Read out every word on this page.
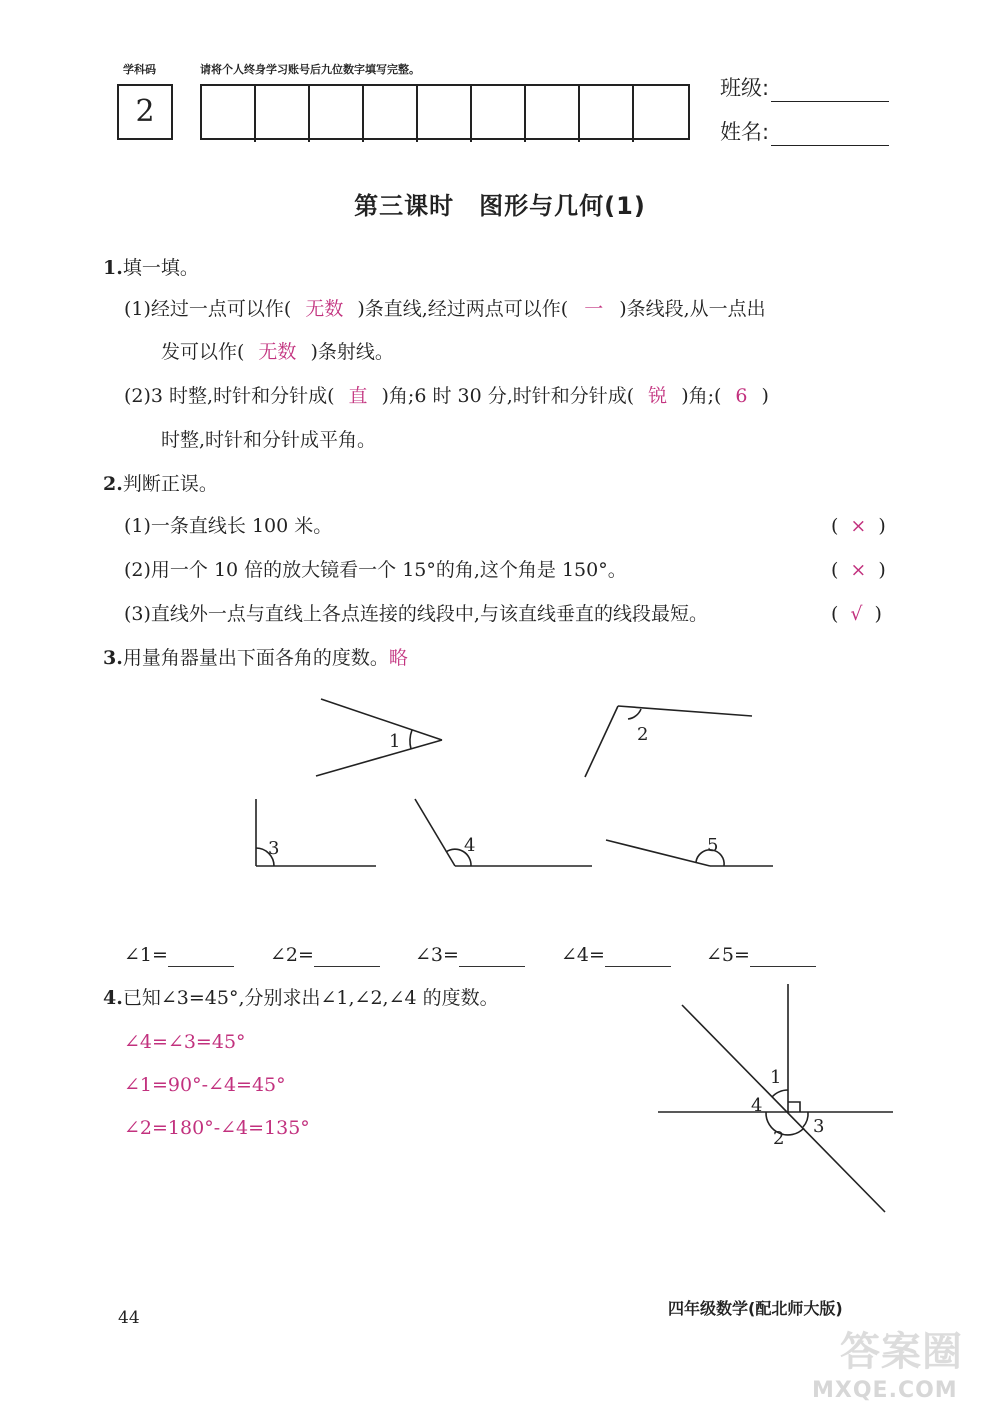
学科码	请将个人终身学习账号后九位数字填写完整。
2
班级:
姓名:
第三课时　图形与几何(1)
1.填一填。
(1)经过一点可以作( 无数 )条直线,经过两点可以作( 一 )条线段,从一点出
发可以作( 无数 )条射线。
(2)3 时整,时针和分针成( 直 )角;6 时 30 分,时针和分针成( 锐 )角;( 6 )
时整,时针和分针成平角。
2.判断正误。
(1)一条直线长 100 米。	( × )
(2)用一个 10 倍的放大镜看一个 15°的角,这个角是 150°。	( × )
(3)直线外一点与直线上各点连接的线段中,与该直线垂直的线段最短。	( √ )
3.用量角器量出下面各角的度数。略
1	2
3	4	5
∠1=	∠2=	∠3=	∠4=	∠5=
4.已知∠3=45°,分别求出∠1,∠2,∠4 的度数。
∠4=∠3=45°
∠1=90°-∠4=45°
∠2=180°-∠4=135°
1
4
2
3
44	四年级数学(配北师大版)
答案圈
MXQE.COM
